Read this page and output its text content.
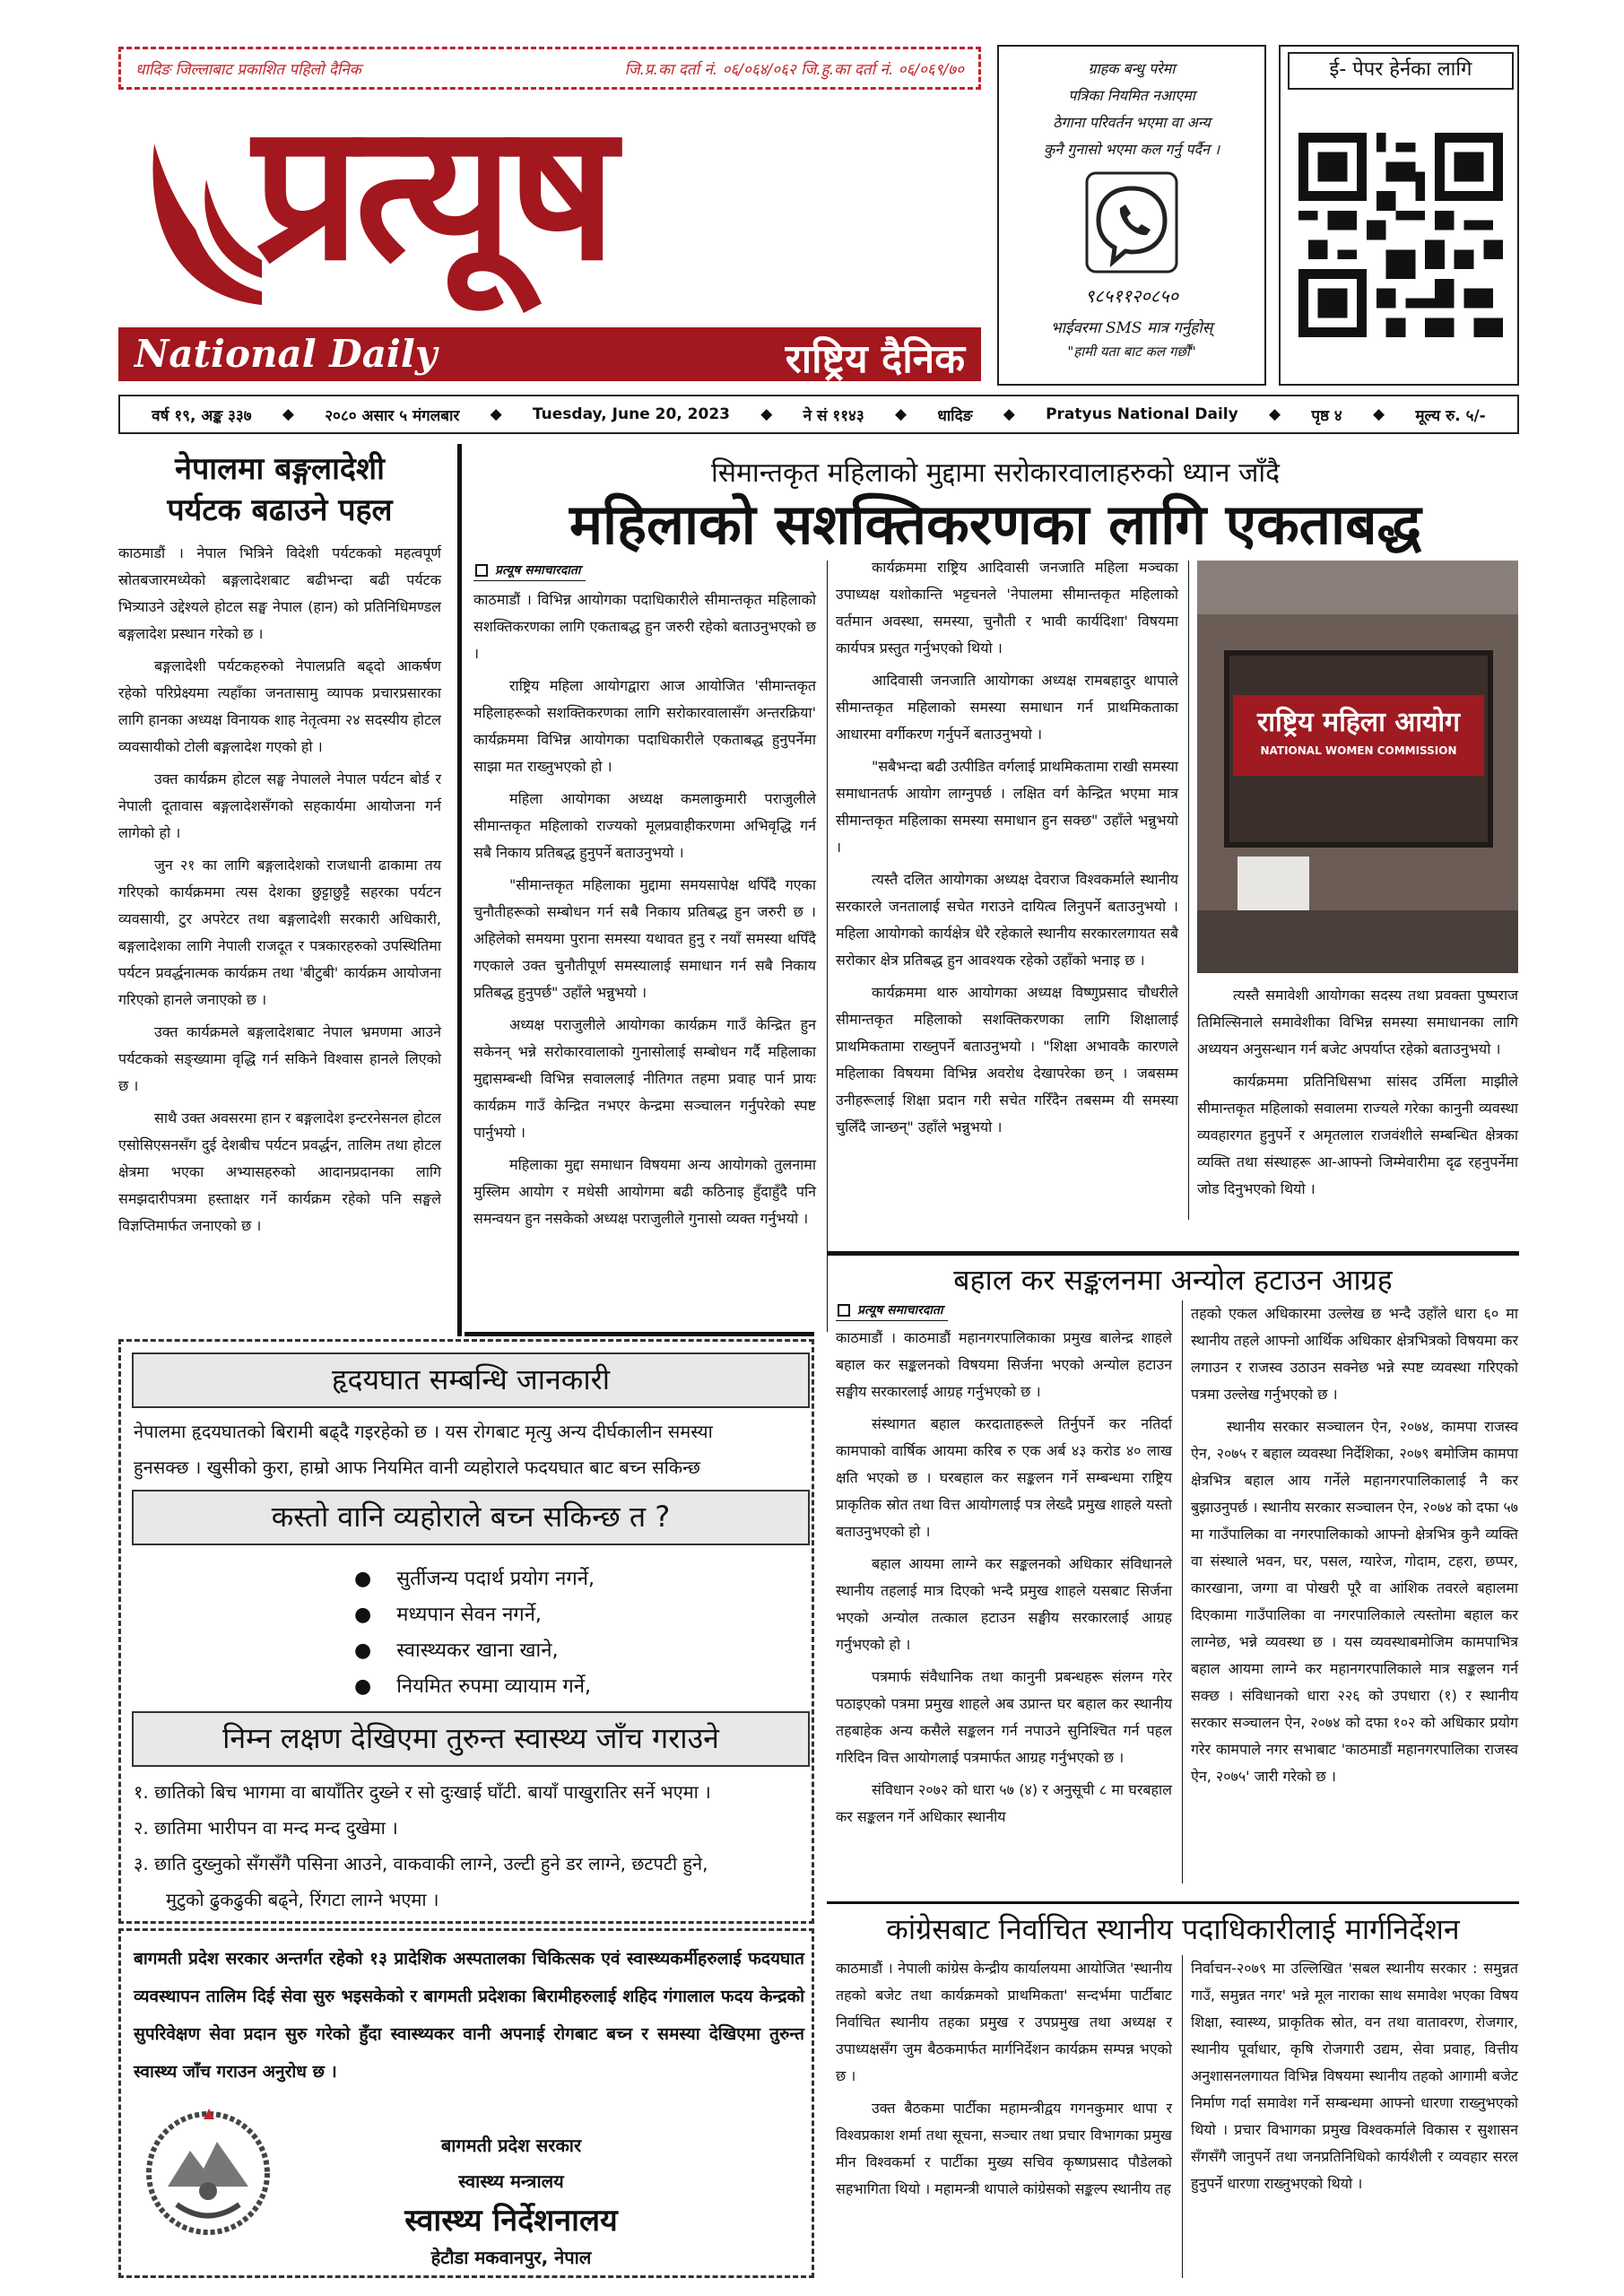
धादिङ जिल्लाबाट प्रकाशित पहिलो दैनिक	जि.प्र.का दर्ता नं. ०६/०६४/०६२ जि.हु.का दर्ता नं. ०६/०६९/७०
प्रत्यूष
National Daily	राष्ट्रिय दैनिक

ग्राहक बन्धु परेमा
पत्रिका नियमित नआएमा
ठेगाना परिवर्तन भएमा वा अन्य
कुनै गुनासो भएमा कल गर्नु पर्दैन ।

९८५११२०८५०
भाईवरमा SMS मात्र गर्नुहोस्
"हामी यता बाट कल गर्छौं"
ई- पेपर हेर्नका लागि
वर्ष १९, अङ्क ३३७ ◆ २०८० असार ५ मंगलबार ◆ Tuesday, June 20, 2023 ◆ ने सं ११४३ ◆ धादिङ ◆ Pratyus National Daily ◆ पृष्ठ ४ ◆ मूल्य रु. ५/-
नेपालमा बङ्गलादेशी
पर्यटक बढाउने पहल

काठमाडौं । नेपाल भित्रिने विदेशी पर्यटकको महत्वपूर्ण स्रोतबजारमध्येको बङ्गलादेशबाट बढीभन्दा बढी पर्यटक भित्र्याउने उद्देश्यले होटल सङ्घ नेपाल (हान) को प्रतिनिधिमण्डल बङ्गलादेश प्रस्थान गरेको छ ।

बङ्गलादेशी पर्यटकहरुको नेपालप्रति बढ्दो आकर्षण रहेको परिप्रेक्ष्यमा त्यहाँका जनतासामु व्यापक प्रचारप्रसारका लागि हानका अध्यक्ष विनायक शाह नेतृत्वमा २४ सदस्यीय होटल व्यवसायीको टोली बङ्गलादेश गएको हो ।

उक्त कार्यक्रम होटल सङ्घ नेपालले नेपाल पर्यटन बोर्ड र नेपाली दूतावास बङ्गलादेशसँगको सहकार्यमा आयोजना गर्न लागेको हो ।

जुन २१ का लागि बङ्गलादेशको राजधानी ढाकामा तय गरिएको कार्यक्रममा त्यस देशका छुट्टाछुट्टै सहरका पर्यटन व्यवसायी, टुर अपरेटर तथा बङ्गलादेशी सरकारी अधिकारी, बङ्गलादेशका लागि नेपाली राजदूत र पत्रकारहरुको उपस्थितिमा पर्यटन प्रवर्द्धनात्मक कार्यक्रम तथा 'बीटुबी' कार्यक्रम आयोजना गरिएको हानले जनाएको छ ।

उक्त कार्यक्रमले बङ्गलादेशबाट नेपाल भ्रमणमा आउने पर्यटकको सङ्ख्यामा वृद्धि गर्न सकिने विश्वास हानले लिएको छ ।

साथै उक्त अवसरमा हान र बङ्गलादेश इन्टरनेसनल होटल एसोसिएसनसँग दुई देशबीच पर्यटन प्रवर्द्धन, तालिम तथा होटल क्षेत्रमा भएका अभ्यासहरुको आदानप्रदानका लागि समझदारीपत्रमा हस्ताक्षर गर्ने कार्यक्रम रहेको पनि सङ्घले विज्ञप्तिमार्फत जनाएको छ ।

सिमान्तकृत महिलाको मुद्दामा सरोकारवालाहरुको ध्यान जाँदै
महिलाको सशक्तिकरणका लागि एकताबद्ध
प्रत्यूष समाचारदाता

काठमाडौं । विभिन्न आयोगका पदाधिकारीले सीमान्तकृत महिलाको सशक्तिकरणका लागि एकताबद्ध हुन जरुरी रहेको बताउनुभएको छ ।

राष्ट्रिय महिला आयोगद्वारा आज आयोजित 'सीमान्तकृत महिलाहरूको सशक्तिकरणका लागि सरोकारवालासँग अन्तरक्रिया' कार्यक्रममा विभिन्न आयोगका पदाधिकारीले एकताबद्ध हुनुपर्नेमा साझा मत राख्नुभएको हो ।

महिला आयोगका अध्यक्ष कमलाकुमारी पराजुलीले सीमान्तकृत महिलाको राज्यको मूलप्रवाहीकरणमा अभिवृद्धि गर्न सबै निकाय प्रतिबद्ध हुनुपर्ने बताउनुभयो ।

"सीमान्तकृत महिलाका मुद्दामा समयसापेक्ष थपिँदै गएका चुनौतीहरूको सम्बोधन गर्न सबै निकाय प्रतिबद्ध हुन जरुरी छ । अहिलेको समयमा पुराना समस्या यथावत हुनु र नयाँ समस्या थपिँदै गएकाले उक्त चुनौतीपूर्ण समस्यालाई समाधान गर्न सबै निकाय प्रतिबद्ध हुनुपर्छ" उहाँले भन्नुभयो ।

अध्यक्ष पराजुलीले आयोगका कार्यक्रम गाउँ केन्द्रित हुन सकेनन् भन्ने सरोकारवालाको गुनासोलाई सम्बोधन गर्दै महिलाका मुद्दासम्बन्धी विभिन्न सवाललाई नीतिगत तहमा प्रवाह पार्न प्रायः कार्यक्रम गाउँ केन्द्रित नभएर केन्द्रमा सञ्चालन गर्नुपरेको स्पष्ट पार्नुभयो ।

महिलाका मुद्दा समाधान विषयमा अन्य आयोगको तुलनामा मुस्लिम आयोग र मधेसी आयोगमा बढी कठिनाइ हुँदाहुँदै पनि समन्वयन हुन नसकेको अध्यक्ष पराजुलीले गुनासो व्यक्त गर्नुभयो ।

कार्यक्रममा राष्ट्रिय आदिवासी जनजाति महिला मञ्चका उपाध्यक्ष यशोकान्ति भट्टचनले 'नेपालमा सीमान्तकृत महिलाको वर्तमान अवस्था, समस्या, चुनौती र भावी कार्यदिशा' विषयमा कार्यपत्र प्रस्तुत गर्नुभएको थियो ।

आदिवासी जनजाति आयोगका अध्यक्ष रामबहादुर थापाले सीमान्तकृत महिलाको समस्या समाधान गर्न प्राथमिकताका आधारमा वर्गीकरण गर्नुपर्ने बताउनुभयो ।

"सबैभन्दा बढी उत्पीडित वर्गलाई प्राथमिकतामा राखी समस्या समाधानतर्फ आयोग लाग्नुपर्छ । लक्षित वर्ग केन्द्रित भएमा मात्र सीमान्तकृत महिलाका समस्या समाधान हुन सक्छ" उहाँले भन्नुभयो ।

त्यस्तै दलित आयोगका अध्यक्ष देवराज विश्वकर्माले स्थानीय सरकारले जनतालाई सचेत गराउने दायित्व लिनुपर्ने बताउनुभयो । महिला आयोगको कार्यक्षेत्र धेरै रहेकाले स्थानीय सरकारलगायत सबै सरोकार क्षेत्र प्रतिबद्ध हुन आवश्यक रहेको उहाँको भनाइ छ ।

कार्यक्रममा थारु आयोगका अध्यक्ष विष्णुप्रसाद चौधरीले सीमान्तकृत महिलाको सशक्तिकरणका लागि शिक्षालाई प्राथमिकतामा राख्नुपर्ने बताउनुभयो । "शिक्षा अभावकै कारणले महिलाका विषयमा विभिन्न अवरोध देखापरेका छन् । जबसम्म उनीहरूलाई शिक्षा प्रदान गरी सचेत गरिँदैन तबसम्म यी समस्या चुलिँदै जान्छन्" उहाँले भन्नुभयो ।

राष्ट्रिय महिला आयोग
NATIONAL WOMEN COMMISSION

त्यस्तै समावेशी आयोगका सदस्य तथा प्रवक्ता पुष्पराज तिमिल्सिनाले समावेशीका विभिन्न समस्या समाधानका लागि अध्ययन अनुसन्धान गर्न बजेट अपर्याप्त रहेको बताउनुभयो ।

कार्यक्रममा प्रतिनिधिसभा सांसद उर्मिला माझीले सीमान्तकृत महिलाको सवालमा राज्यले गरेका कानुनी व्यवस्था व्यवहारगत हुनुपर्ने र अमृतलाल राजवंशीले सम्बन्धित क्षेत्रका व्यक्ति तथा संस्थाहरू आ-आफ्नो जिम्मेवारीमा दृढ रहनुपर्नेमा जोड दिनुभएको थियो ।

बहाल कर सङ्कलनमा अन्योल हटाउन आग्रह
प्रत्यूष समाचारदाता

काठमाडौं । काठमाडौं महानगरपालिकाका प्रमुख बालेन्द्र शाहले बहाल कर सङ्कलनको विषयमा सिर्जना भएको अन्योल हटाउन सङ्घीय सरकारलाई आग्रह गर्नुभएको छ ।

संस्थागत बहाल करदाताहरूले तिर्नुपर्ने कर नतिर्दा कामपाको वार्षिक आयमा करिब रु एक अर्ब ४३ करोड ४० लाख क्षति भएको छ । घरबहाल कर सङ्कलन गर्ने सम्बन्धमा राष्ट्रिय प्राकृतिक स्रोत तथा वित्त आयोगलाई पत्र लेख्दै प्रमुख शाहले यस्तो बताउनुभएको हो ।

बहाल आयमा लाग्ने कर सङ्कलनको अधिकार संविधानले स्थानीय तहलाई मात्र दिएको भन्दै प्रमुख शाहले यसबाट सिर्जना भएको अन्योल तत्काल हटाउन सङ्घीय सरकारलाई आग्रह गर्नुभएको हो ।

पत्रमार्फ संवैधानिक तथा कानुनी प्रबन्धहरू संलग्न गरेर पठाइएको पत्रमा प्रमुख शाहले अब उप्रान्त घर बहाल कर स्थानीय तहबाहेक अन्य कसैले सङ्कलन गर्न नपाउने सुनिश्चित गर्न पहल गरिदिन वित्त आयोगलाई पत्रमार्फत आग्रह गर्नुभएको छ ।

संविधान २०७२ को धारा ५७ (४) र अनुसूची ८ मा घरबहाल कर सङ्कलन गर्ने अधिकार स्थानीय

तहको एकल अधिकारमा उल्लेख छ भन्दै उहाँले धारा ६० मा स्थानीय तहले आफ्नो आर्थिक अधिकार क्षेत्रभित्रको विषयमा कर लगाउन र राजस्व उठाउन सक्नेछ भन्ने स्पष्ट व्यवस्था गरिएको पत्रमा उल्लेख गर्नुभएको छ ।

स्थानीय सरकार सञ्चालन ऐन, २०७४, कामपा राजस्व ऐन, २०७५ र बहाल व्यवस्था निर्देशिका, २०७९ बमोजिम कामपा क्षेत्रभित्र बहाल आय गर्नेले महानगरपालिकालाई नै कर बुझाउनुपर्छ । स्थानीय सरकार सञ्चालन ऐन, २०७४ को दफा ५७ मा गाउँपालिका वा नगरपालिकाको आफ्नो क्षेत्रभित्र कुनै व्यक्ति वा संस्थाले भवन, घर, पसल, ग्यारेज, गोदाम, टहरा, छप्पर, कारखाना, जग्गा वा पोखरी पूरै वा आंशिक तवरले बहालमा दिएकामा गाउँपालिका वा नगरपालिकाले त्यस्तोमा बहाल कर लाग्नेछ, भन्ने व्यवस्था छ । यस व्यवस्थाबमोजिम कामपाभित्र बहाल आयमा लाग्ने कर महानगरपालिकाले मात्र सङ्कलन गर्न सक्छ । संविधानको धारा २२६ को उपधारा (१) र स्थानीय सरकार सञ्चालन ऐन, २०७४ को दफा १०२ को अधिकार प्रयोग गरेर कामपाले नगर सभाबाट 'काठमाडौं महानगरपालिका राजस्व ऐन, २०७५' जारी गरेको छ ।

कांग्रेसबाट निर्वाचित स्थानीय पदाधिकारीलाई मार्गनिर्देशन

काठमाडौं । नेपाली कांग्रेस केन्द्रीय कार्यालयमा आयोजित 'स्थानीय तहको बजेट तथा कार्यक्रमको प्राथमिकता' सन्दर्भमा पार्टीबाट निर्वाचित स्थानीय तहका प्रमुख र उपप्रमुख तथा अध्यक्ष र उपाध्यक्षसँग जुम बैठकमार्फत मार्गनिर्देशन कार्यक्रम सम्पन्न भएको छ ।

उक्त बैठकमा पार्टीका महामन्त्रीद्वय गगनकुमार थापा र विश्वप्रकाश शर्मा तथा सूचना, सञ्चार तथा प्रचार विभागका प्रमुख मीन विश्वकर्मा र पार्टीका मुख्य सचिव कृष्णप्रसाद पौडेलको सहभागिता थियो । महामन्त्री थापाले कांग्रेसको सङ्कल्प स्थानीय तह

निर्वाचन-२०७९ मा उल्लिखित 'सबल स्थानीय सरकार : समुन्नत गाउँ, समुन्नत नगर' भन्ने मूल नाराका साथ समावेश भएका विषय शिक्षा, स्वास्थ्य, प्राकृतिक स्रोत, वन तथा वातावरण, रोजगार, स्थानीय पूर्वाधार, कृषि रोजगारी उद्यम, सेवा प्रवाह, वित्तीय अनुशासनलगायत विभिन्न विषयमा स्थानीय तहको आगामी बजेट निर्माण गर्दा समावेश गर्ने सम्बन्धमा आफ्नो धारणा राख्नुभएको थियो । प्रचार विभागका प्रमुख विश्वकर्माले विकास र सुशासन सँगसँगै जानुपर्ने तथा जनप्रतिनिधिको कार्यशैली र व्यवहार सरल हुनुपर्ने धारणा राख्नुभएको थियो ।

हृदयघात सम्बन्धि जानकारी
नेपालमा हृदयघातको बिरामी बढ्दै गइरहेको छ । यस रोगबाट मृत्यु अन्य दीर्घकालीन समस्या
हुनसक्छ । खुसीको कुरा, हाम्रो आफ नियमित वानी व्यहोराले फदयघात बाट बच्न सकिन्छ
कस्तो वानि व्यहोराले बच्न सकिन्छ त ?
● सुर्तीजन्य पदार्थ प्रयोग नगर्ने,
● मध्यपान सेवन नगर्ने,
● स्वास्थ्यकर खाना खाने,
● नियमित रुपमा व्यायाम गर्ने,
निम्न लक्षण देखिएमा तुरुन्त स्वास्थ्य जाँच गराउने
१. छातिको बिच भागमा वा बायाँतिर दुख्ने र सो दुःखाई घाँटी. बायाँ पाखुरातिर सर्ने भएमा ।
२. छातिमा भारीपन वा मन्द मन्द दुखेमा ।
३. छाति दुख्नुको सँगसँगै पसिना आउने, वाकवाकी लाग्ने, उल्टी हुने डर लाग्ने, छटपटी हुने,
मुटुको ढुकढुकी बढ्ने, रिंगटा लाग्ने भएमा ।
बागमती प्रदेश सरकार अन्तर्गत रहेको १३ प्रादेशिक अस्पतालका चिकित्सक एवं स्वास्थ्यकर्मीहरुलाई फदयघात व्यवस्थापन तालिम दिई सेवा सुरु भइसकेको र बागमती प्रदेशका बिरामीहरुलाई शहिद गंगालाल फदय केन्द्रको सुपरिवेक्षण सेवा प्रदान सुरु गरेको हुँदा स्वास्थ्यकर वानी अपनाई रोगबाट बच्न र समस्या देखिएमा तुरुन्त स्वास्थ्य जाँच गराउन अनुरोध छ ।
बागमती प्रदेश सरकार
स्वास्थ्य मन्त्रालय
स्वास्थ्य निर्देशनालय
हेटौडा मकवानपुर, नेपाल
